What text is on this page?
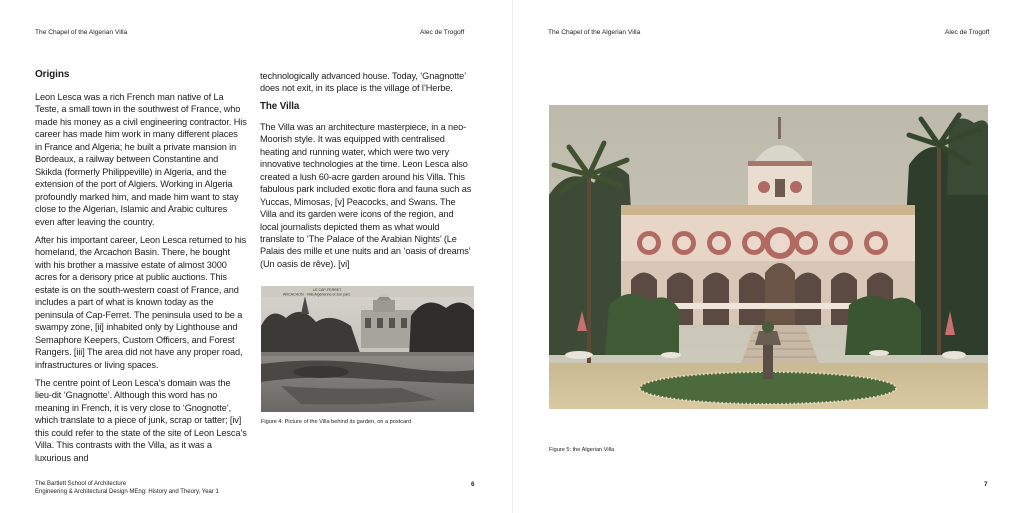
The Chapel of the Algerian Villa	Alec de Trogoff
Origins

Leon Lesca was a rich French man native of La Teste, a small town in the southwest of France, who made his money as a civil engineering contractor. His career has made him work in many different places in France and Algeria; he built a private mansion in Bordeaux, a railway between Constantine and Skikda (formerly Philippeville) in Algeria, and the extension of the port of Algiers. Working in Algeria profoundly marked him, and made him want to stay close to the Algerian, Islamic and Arabic cultures even after leaving the country.

After his important career, Leon Lesca returned to his homeland, the Arcachon Basin. There, he bought with his brother a massive estate of almost 3000 acres for a derisory price at public auctions. This estate is on the south-western coast of France, and includes a part of what is known today as the peninsula of Cap-Ferret. The peninsula used to be a swampy zone, [ii] inhabited only by Lighthouse and Semaphore Keepers, Custom Officers, and Forest Rangers. [iii] The area did not have any proper road, infrastructures or living spaces.

The centre point of Leon Lesca’s domain was the lieu-dit ‘Gnagnotte’. Although this word has no meaning in French, it is very close to ‘Gnognotte’, which translate to a piece of junk, scrap or tatter; [iv] this could refer to the state of the site of Leon Lesca’s Villa. This contrasts with the Villa, as it was a luxurious and

technologically advanced house. Today, ‘Gnagnotte’ does not exit, in its place is the village of l’Herbe.

The Villa

The Villa was an architecture masterpiece, in a neo-Moorish style. It was equipped with centralised heating and running water, which were two very innovative technologies at the time. Leon Lesca also created a lush 60-acre garden around his Villa. This fabulous park included exotic flora and fauna such as Yuccas, Mimosas, [v] Peacocks, and Swans. The Villa and its garden were icons of the region, and local journalists depicted them as what would translate to ‘The Palace of the Arabian Nights’ (Le Palais des mille et une nuits and an ‘oasis of dreams’ (Un oasis de rêve). [vi]

LE CAP-FERRET
ARCACHON · Villa Algérienne et son parc
Figure 4: Picture of the Villa behind its garden, on a postcard
The Bartlett School of Architecture
Engineering & Architectural Design MEng: History and Theory, Year 1
6
The Chapel of the Algerian Villa	Alec de Trogoff
Figure 5: the Algerian Villa
7
